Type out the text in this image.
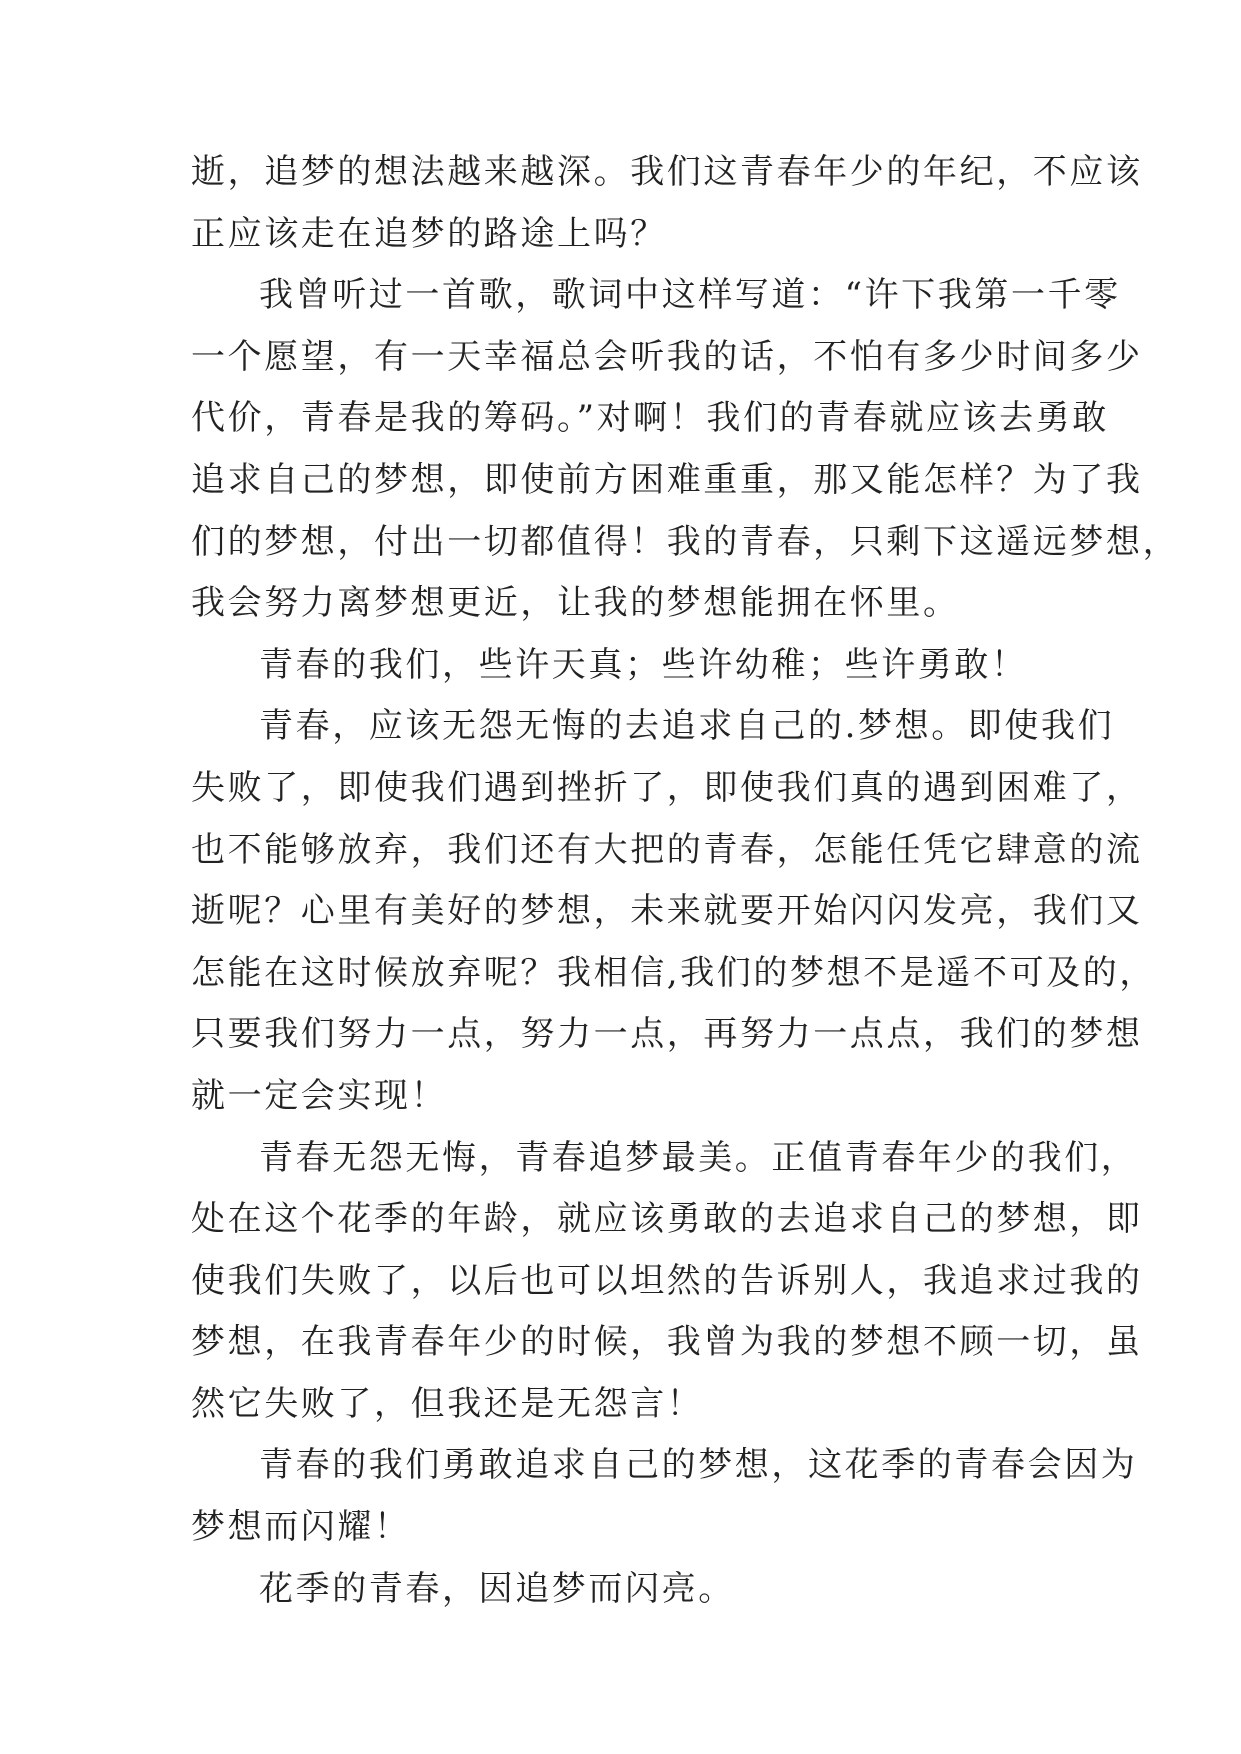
逝，追梦的想法越来越深。我们这青春年少的年纪，不应该
正应该走在追梦的路途上吗？

我曾听过一首歌，歌词中这样写道：“许下我第一千零
一个愿望，有一天幸福总会听我的话，不怕有多少时间多少
代价，青春是我的筹码。”对啊！我们的青春就应该去勇敢
追求自己的梦想，即使前方困难重重，那又能怎样？为了我
们的梦想，付出一切都值得！我的青春，只剩下这遥远梦想，
我会努力离梦想更近，让我的梦想能拥在怀里。

青春的我们，些许天真；些许幼稚；些许勇敢！

青春，应该无怨无悔的去追求自己的.梦想。即使我们
失败了，即使我们遇到挫折了，即使我们真的遇到困难了，
也不能够放弃，我们还有大把的青春，怎能任凭它肆意的流
逝呢？心里有美好的梦想，未来就要开始闪闪发亮，我们又
怎能在这时候放弃呢？我相信,我们的梦想不是遥不可及的，
只要我们努力一点，努力一点，再努力一点点，我们的梦想
就一定会实现！

青春无怨无悔，青春追梦最美。正值青春年少的我们，
处在这个花季的年龄，就应该勇敢的去追求自己的梦想，即
使我们失败了，以后也可以坦然的告诉别人，我追求过我的
梦想，在我青春年少的时候，我曾为我的梦想不顾一切，虽
然它失败了，但我还是无怨言！

青春的我们勇敢追求自己的梦想，这花季的青春会因为
梦想而闪耀！

花季的青春，因追梦而闪亮。
